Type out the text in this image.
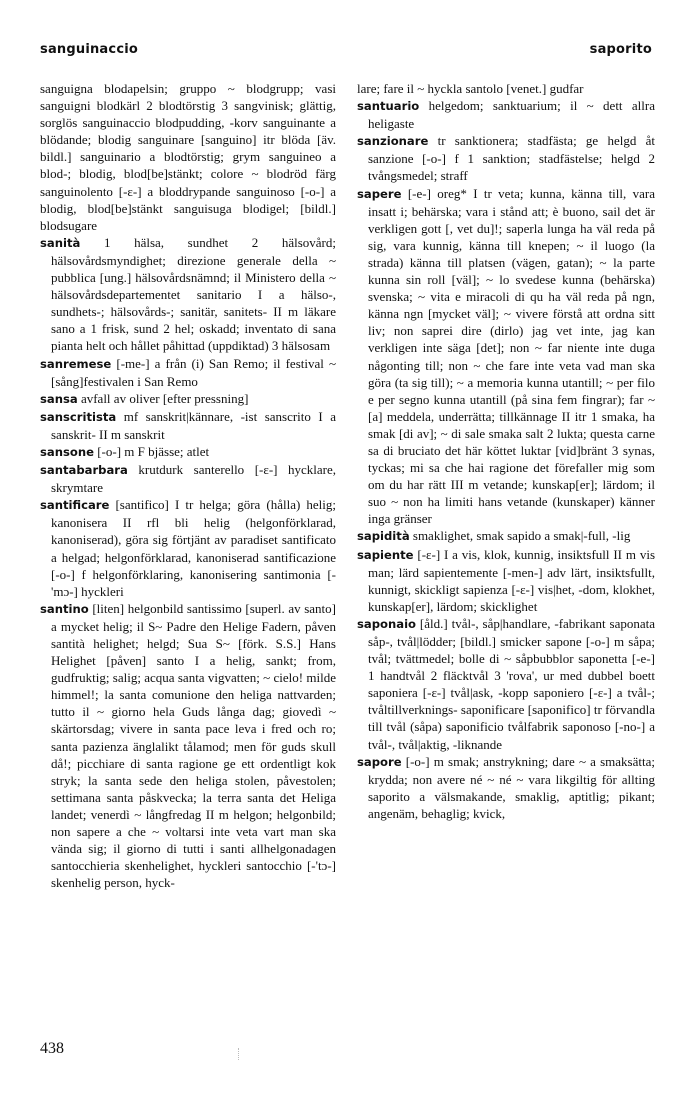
sanguinaccio	saporito

sanguigna blodapelsin; gruppo ~ blodgrupp; vasi sanguigni blodkärl 2 blodtörstig 3 sangvinisk; glättig, sorglös sanguinaccio blodpudding, -korv sanguinante a blödande; blodig sanguinare [sanguino] itr blöda [äv. bildl.] sanguinario a blodtörstig; grym sanguineo a blod-; blodig, blod[be]stänkt; colore ~ blodröd färg sanguinolento [-ɛ-] a bloddrypande sanguinoso [-o-] a blodig, blod[be]stänkt sanguisuga blodigel; [bildl.] blodsugare

sanità 1 hälsa, sundhet 2 hälsovård; hälsovårdsmyndighet; direzione generale della ~ pubblica [ung.] hälsovårdsnämnd; il Ministero della ~ hälsovårdsdepartementet sanitario I a hälso-, sundhets-; hälsovårds-; sanitär, sanitets- II m läkare sano a 1 frisk, sund 2 hel; oskadd; inventato di sana pianta helt och hållet påhittad (uppdiktad) 3 hälsosam

sanremese [-me-] a från (i) San Remo; il festival ~ [sång]festivalen i San Remo

sansa avfall av oliver [efter pressning]

sanscritista mf sanskrit|kännare, -ist sanscrito I a sanskrit- II m sanskrit

sansone [-o-] m F bjässe; atlet

santabarbara krutdurk santerello [-ɛ-] hycklare, skrymtare

santificare [santifico] I tr helga; göra (hålla) helig; kanonisera II rfl bli helig (helgonförklarad, kanoniserad), göra sig förtjänt av paradiset santificato a helgad; helgonförklarad, kanoniserad santificazione [-o-] f helgonförklaring, kanonisering santimonia [-'mɔ-] hyckleri

santino [liten] helgonbild santissimo [superl. av santo] a mycket helig; il S~ Padre den Helige Fadern, påven santità helighet; helgd; Sua S~ [förk. S.S.] Hans Helighet [påven] santo I a helig, sankt; from, gudfruktig; salig; acqua santa vigvatten; ~ cielo! milde himmel!; la santa comunione den heliga nattvarden; tutto il ~ giorno hela Guds långa dag; giovedì ~ skärtorsdag; vivere in santa pace leva i fred och ro; santa pazienza änglalikt tålamod; men för guds skull då!; picchiare di santa ragione ge ett ordentligt kok stryk; la santa sede den heliga stolen, påvestolen; settimana santa påskvecka; la terra santa det Heliga landet; venerdì ~ långfredag II m helgon; helgonbild; non sapere a che ~ voltarsi inte veta vart man ska vända sig; il giorno di tutti i santi allhelgonadagen santocchieria skenhelighet, hyckleri santocchio [-'tɔ-] skenhelig person, hyck-

lare; fare il ~ hyckla santolo [venet.] gudfar

santuario helgedom; sanktuarium; il ~ dett allra heligaste

sanzionare tr sanktionera; stadfästa; ge helgd åt sanzione [-o-] f 1 sanktion; stadfästelse; helgd 2 tvångsmedel; straff

sapere [-e-] oreg* I tr veta; kunna, känna till, vara insatt i; behärska; vara i stånd att; è buono, sail det är verkligen gott [, vet du]!; saperla lunga ha väl reda på sig, vara kunnig, känna till knepen; ~ il luogo (la strada) känna till platsen (vägen, gatan); ~ la parte kunna sin roll [väl]; ~ lo svedese kunna (behärska) svenska; ~ vita e miracoli di qu ha väl reda på ngn, känna ngn [mycket väl]; ~ vivere förstå att ordna sitt liv; non saprei dire (dirlo) jag vet inte, jag kan verkligen inte säga [det]; non ~ far niente inte duga någonting till; non ~ che fare inte veta vad man ska göra (ta sig till); ~ a memoria kunna utantill; ~ per filo e per segno kunna utantill (på sina fem fingrar); far ~ [a] meddela, underrätta; tillkännage II itr 1 smaka, ha smak [di av]; ~ di sale smaka salt 2 lukta; questa carne sa di bruciato det här köttet luktar [vid]bränt 3 synas, tyckas; mi sa che hai ragione det förefaller mig som om du har rätt III m vetande; kunskap[er]; lärdom; il suo ~ non ha limiti hans vetande (kunskaper) känner inga gränser

sapidità smaklighet, smak sapido a smak|-full, -lig

sapiente [-ɛ-] I a vis, klok, kunnig, insiktsfull II m vis man; lärd sapientemente [-men-] adv lärt, insiktsfullt, kunnigt, skickligt sapienza [-ɛ-] vis|het, -dom, klokhet, kunskap[er], lärdom; skicklighet

saponaio [åld.] tvål-, såp|handlare, -fabrikant saponata såp-, tvål|lödder; [bildl.] smicker sapone [-o-] m såpa; tvål; tvättmedel; bolle di ~ såpbubblor saponetta [-e-] 1 handtvål 2 fläcktvål 3 'rova', ur med dubbel boett saponiera [-ɛ-] tvål|ask, -kopp saponiero [-ɛ-] a tvål-; tvåltillverknings- saponificare [saponifico] tr förvandla till tvål (såpa) saponificio tvålfabrik saponoso [-no-] a tvål-, tvål|aktig, -liknande

sapore [-o-] m smak; anstrykning; dare ~ a smaksätta; krydda; non avere né ~ né ~ vara likgiltig för allting saporito a välsmakande, smaklig, aptitlig; pikant; angenäm, behaglig; kvick,

438
